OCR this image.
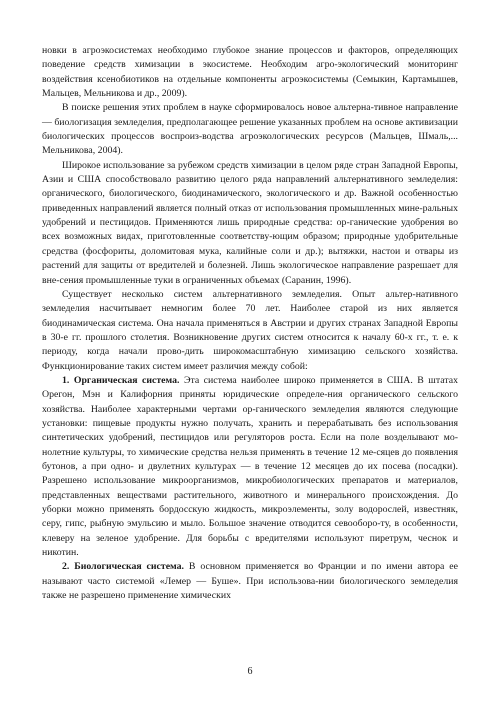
новки в агроэкосистемах необходимо глубокое знание процессов и факторов, определяющих поведение средств химизации в экосистеме. Необходим агро-экологический мониторинг воздействия ксенобиотиков на отдельные компоненты агроэкосистемы (Семыкин, Картамышев, Мальцев, Мельникова и др., 2009).

В поиске решения этих проблем в науке сформировалось новое альтерна-тивное направление — биологизация земледелия, предполагающее решение указанных проблем на основе активизации биологических процессов воспроиз-водства агроэкологических ресурсов (Мальцев, Шмаль,... Мельникова, 2004).

Широкое использование за рубежом средств химизации в целом ряде стран Западной Европы, Азии и США способствовало развитию целого ряда направлений альтернативного земледелия: органического, биологического, биодинамического, экологического и др. Важной особенностью приведенных направлений является полный отказ от использования промышленных мине-ральных удобрений и пестицидов. Применяются лишь природные средства: ор-ганические удобрения во всех возможных видах, приготовленные соответству-ющим образом; природные удобрительные средства (фосфориты, доломитовая мука, калийные соли и др.); вытяжки, настои и отвары из растений для защиты от вредителей и болезней. Лишь экологическое направление разрешает для вне-сения промышленные туки в ограниченных объемах (Саранин, 1996).

Существует несколько систем альтернативного земледелия. Опыт альтер-нативного земледелия насчитывает немногим более 70 лет. Наиболее старой из них является биодинамическая система. Она начала применяться в Австрии и других странах Западной Европы в 30-е гг. прошлого столетия. Возникновение других систем относится к началу 60-х гг., т. е. к периоду, когда начали прово-дить широкомасштабную химизацию сельского хозяйства. Функционирование таких систем имеет различия между собой:

1. Органическая система. Эта система наиболее широко применяется в США. В штатах Орегон, Мэн и Калифорния приняты юридические определе-ния органического сельского хозяйства. Наиболее характерными чертами ор-ганического земледелия являются следующие установки: пищевые продукты нужно получать, хранить и перерабатывать без использования синтетических удобрений, пестицидов или регуляторов роста. Если на поле возделывают мо-нолетние культуры, то химические средства нельзя применять в течение 12 ме-сяцев до появления бутонов, а при одно- и двулетних культурах — в течение 12 месяцев до их посева (посадки). Разрешено использование микроорганизмов, микробиологических препаратов и материалов, представленных веществами растительного, животного и минерального происхождения. До уборки можно применять бордосскую жидкость, микроэлементы, золу водорослей, известняк, серу, гипс, рыбную эмульсию и мыло. Большое значение отводится севооборо-ту, в особенности, клеверу на зеленое удобрение. Для борьбы с вредителями используют пиретрум, чеснок и никотин.

2. Биологическая система. В основном применяется во Франции и по имени автора ее называют часто системой «Лемер — Буше». При использова-нии биологического земледелия также не разрешено применение химических

6
